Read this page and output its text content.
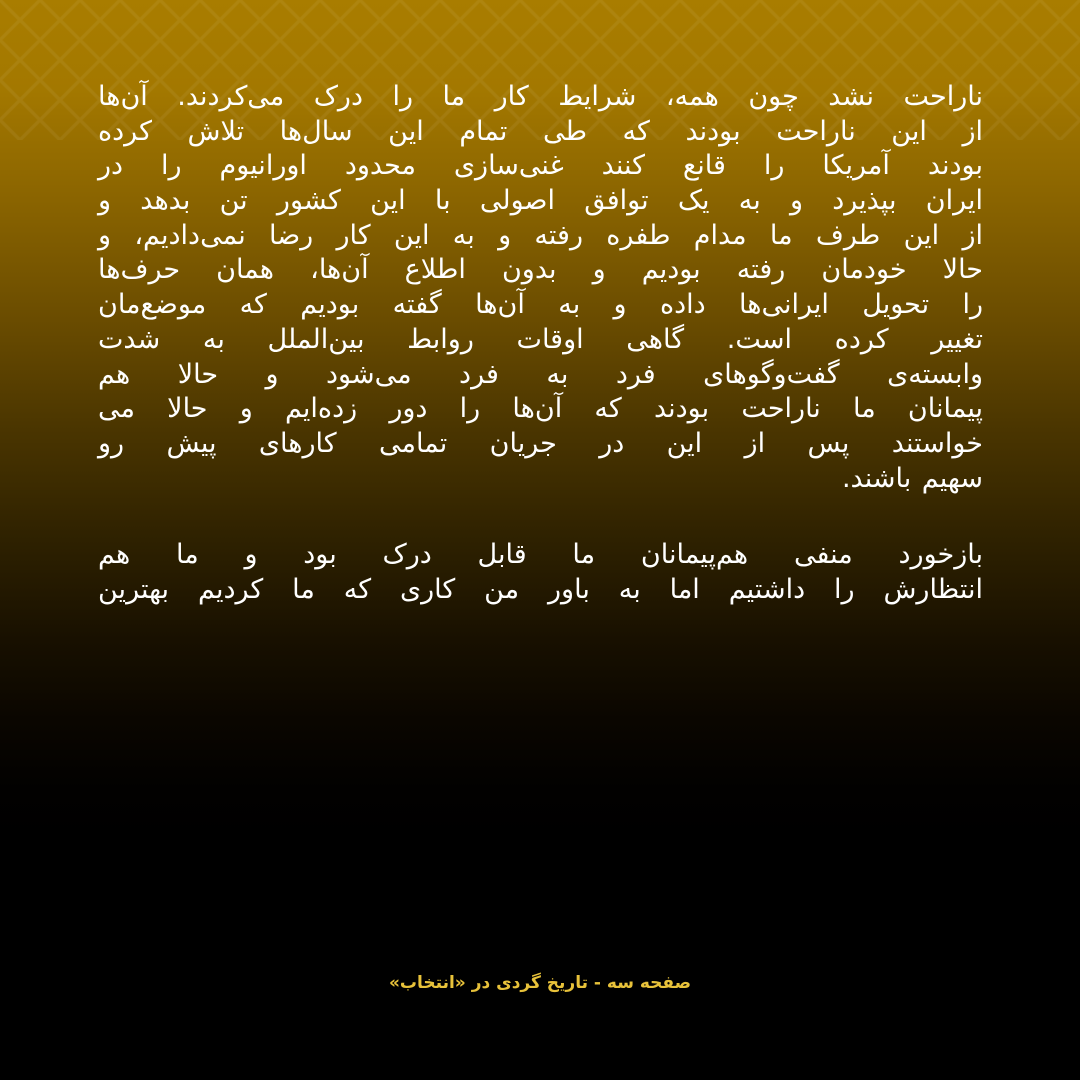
ناراحت نشد چون همه، شرایط کار ما را درک می‌کردند. آن‌ها
از این ناراحت بودند که طی تمام این سال‌ها تلاش کرده
بودند آمریکا را قانع کنند غنی‌سازی محدود اورانیوم را در
ایران بپذیرد و به یک توافق اصولی با این کشور تن بدهد و
از این طرف ما مدام طفره رفته و به این کار رضا نمی‌دادیم، و
حالا خودمان رفته بودیم و بدون اطلاع آن‌ها، همان حرف‌ها
را تحویل ایرانی‌ها داده و به آن‌ها گفته بودیم که موضع‌مان
تغییر کرده است. گاهی اوقات روابط بین‌الملل به شدت
وابسته‌ی گفت‌وگوهای فرد به فرد می‌شود و حالا هم
پیمانان ما ناراحت بودند که آن‌ها را دور زده‌ایم و حالا می
خواستند پس از این در جریان تمامی کارهای پیش رو
سهیم باشند.

بازخورد منفی هم‌پیمانان ما قابل درک بود و ما هم
انتظارش را داشتیم اما به باور من کاری که ما کردیم بهترین

صفحه سه - تاریخ گردی در «انتخاب»
